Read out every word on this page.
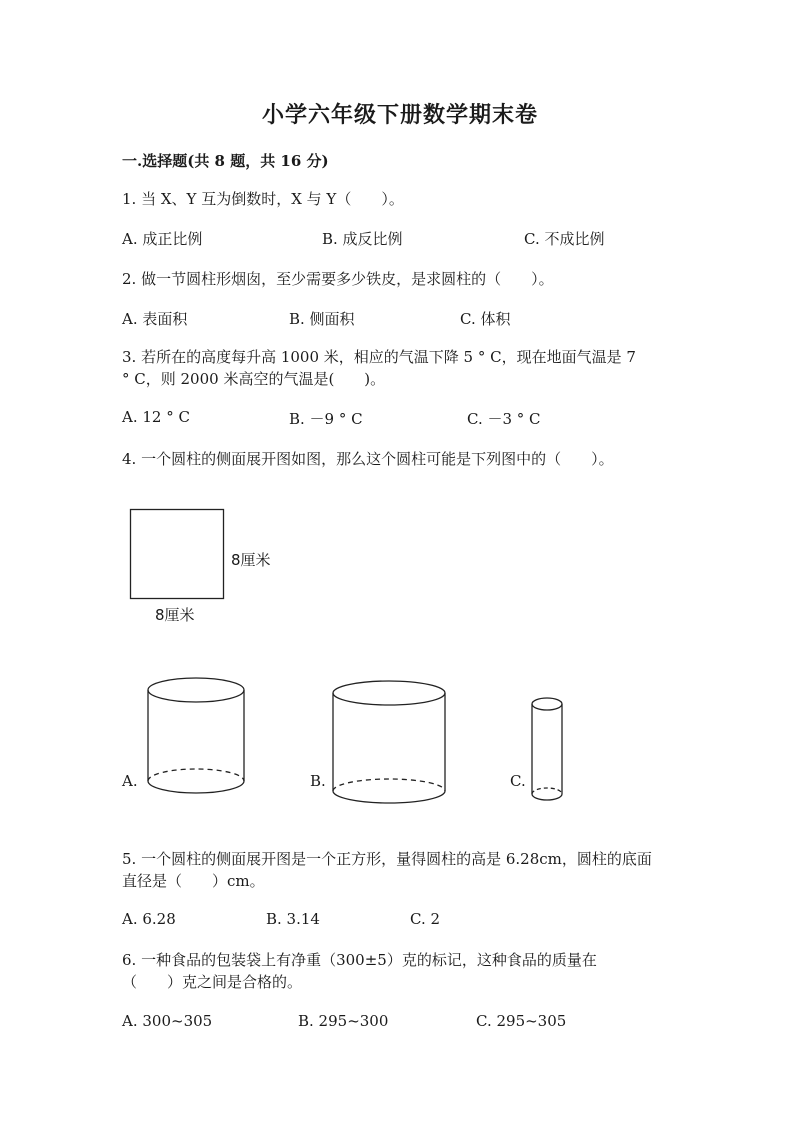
小学六年级下册数学期末卷
一.选择题(共 8 题，共 16 分)
1. 当 X、Y 互为倒数时，X 与 Y（　　）。
A. 成正比例	B. 成反比例	C. 不成比例
2. 做一节圆柱形烟囱，至少需要多少铁皮，是求圆柱的（　　）。
A. 表面积	B. 侧面积	C. 体积
3. 若所在的高度每升高 1000 米，相应的气温下降 5 ° C，现在地面气温是 7
° C，则 2000 米高空的气温是(　　)。
A. 12 ° C	B. －9 ° C	C. －3 ° C
4. 一个圆柱的侧面展开图如图，那么这个圆柱可能是下列图中的（　　）。
8厘米
8厘米
A.	B.	C.
5. 一个圆柱的侧面展开图是一个正方形，量得圆柱的高是 6.28cm，圆柱的底面
直径是（　　）cm。
A. 6.28	B. 3.14	C. 2
6. 一种食品的包装袋上有净重（300±5）克的标记，这种食品的质量在
（　　）克之间是合格的。
A. 300~305	B. 295~300	C. 295~305
